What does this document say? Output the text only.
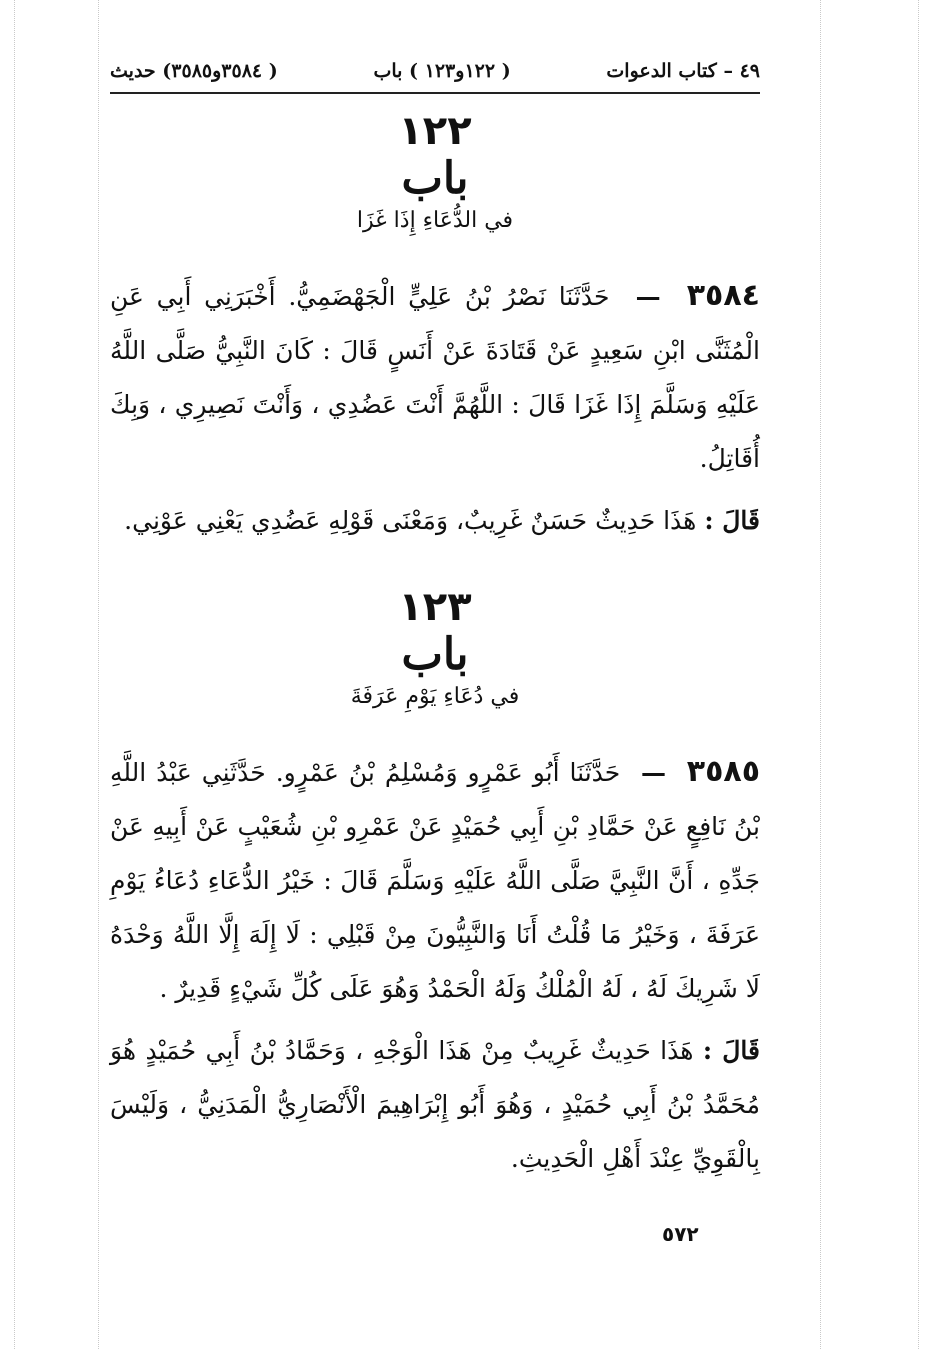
٤٩ – كتاب الدعوات
( ١٢٢و١٢٣ ) باب
( ٣٥٨٤و٣٥٨٥) حديث
١٢٢
باب
في الدُّعَاءِ إِذَا غَزَا
٣٥٨٤  —  حَدَّثَنَا نَصْرُ بْنُ عَلِيٍّ الْجَهْضَمِيُّ. أَخْبَرَنِي أَبِي عَنِ الْمُثَنَّى ابْنِ سَعِيدٍ عَنْ قَتَادَةَ عَنْ أَنَسٍ قَالَ : كَانَ النَّبِيُّ صَلَّى اللَّهُ عَلَيْهِ وَسَلَّمَ إِذَا غَزَا قَالَ : اللَّهُمَّ أَنْتَ عَضُدِي ، وَأَنْتَ نَصِيرِي ، وَبِكَ أُقَاتِلُ.
قَالَ : هَذَا حَدِيثٌ حَسَنٌ غَرِيبٌ، وَمَعْنَى قَوْلِهِ عَضُدِي يَعْنِي عَوْنِي.
١٢٣
باب
في دُعَاءِ يَوْمِ عَرَفَةَ
٣٥٨٥  —  حَدَّثَنَا أَبُو عَمْرٍو وَمُسْلِمُ بْنُ عَمْرٍو. حَدَّثَنِي عَبْدُ اللَّهِ بْنُ نَافِعٍ عَنْ حَمَّادِ بْنِ أَبِي حُمَيْدٍ عَنْ عَمْرِو بْنِ شُعَيْبٍ عَنْ أَبِيهِ عَنْ جَدِّهِ ، أَنَّ النَّبِيَّ صَلَّى اللَّهُ عَلَيْهِ وَسَلَّمَ قَالَ : خَيْرُ الدُّعَاءِ دُعَاءُ يَوْمِ عَرَفَةَ ، وَخَيْرُ مَا قُلْتُ أَنَا وَالنَّبِيُّونَ مِنْ قَبْلِي : لَا إِلَهَ إِلَّا اللَّهُ وَحْدَهُ لَا شَرِيكَ لَهُ ، لَهُ الْمُلْكُ وَلَهُ الْحَمْدُ وَهُوَ عَلَى كُلِّ شَيْءٍ قَدِيرٌ .
قَالَ : هَذَا حَدِيثٌ غَرِيبٌ مِنْ هَذَا الْوَجْهِ ، وَحَمَّادُ بْنُ أَبِي حُمَيْدٍ هُوَ مُحَمَّدُ بْنُ أَبِي حُمَيْدٍ ، وَهُوَ أَبُو إِبْرَاهِيمَ الْأَنْصَارِيُّ الْمَدَنِيُّ ، وَلَيْسَ بِالْقَوِيِّ عِنْدَ أَهْلِ الْحَدِيثِ.
٥٧٢
